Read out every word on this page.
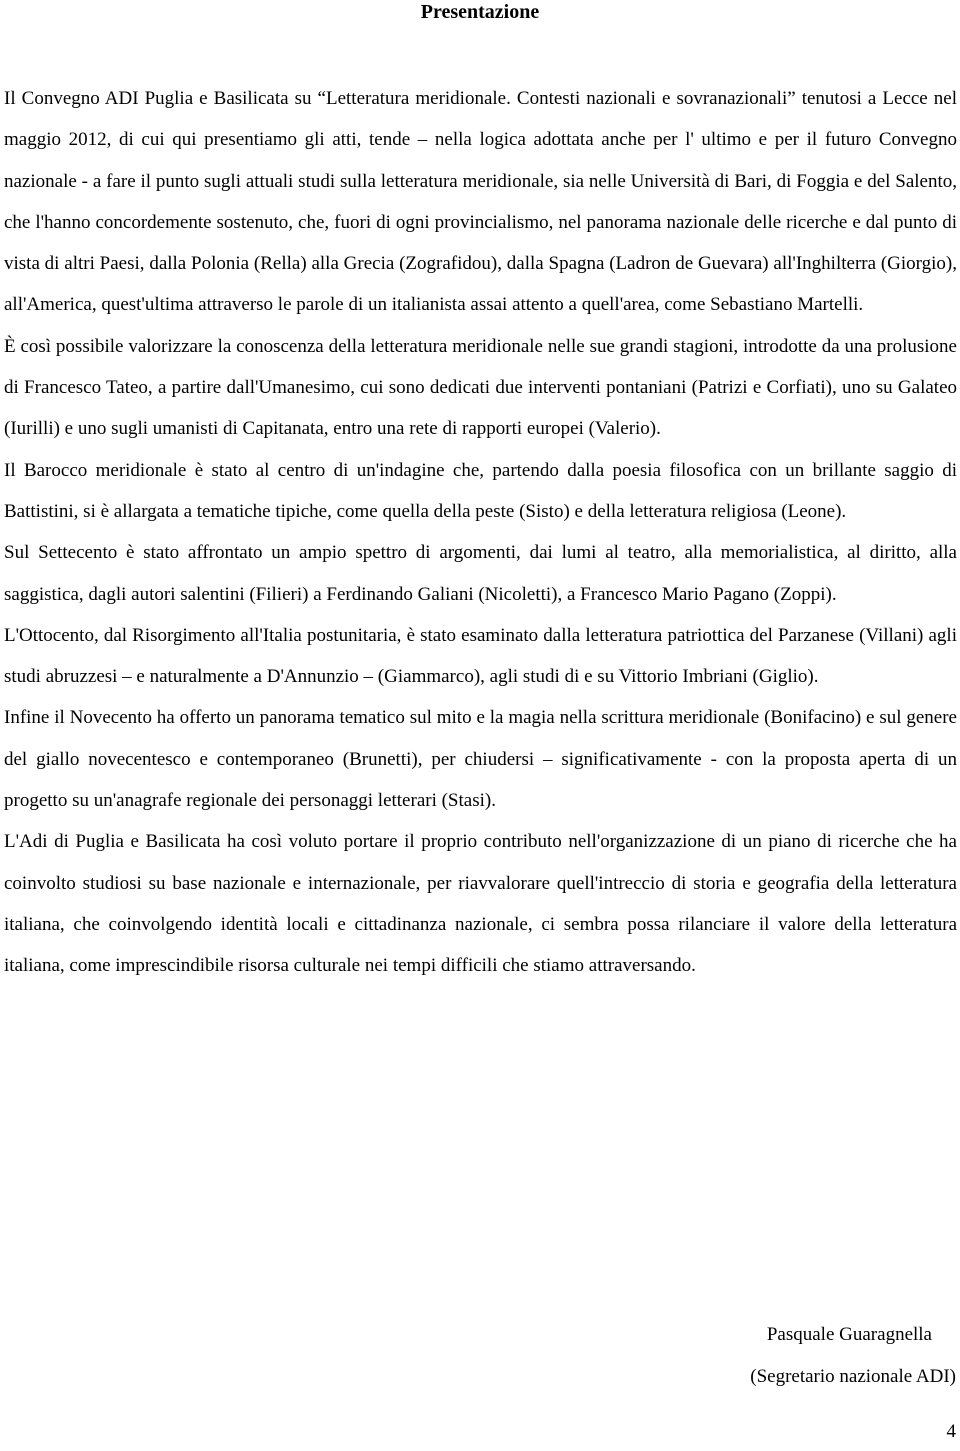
Presentazione

Il Convegno ADI Puglia e Basilicata su “Letteratura meridionale. Contesti nazionali e sovranazionali” tenutosi a Lecce nel maggio 2012, di cui qui presentiamo gli atti, tende – nella logica adottata anche per l' ultimo e per il futuro Convegno nazionale - a fare il punto sugli attuali studi sulla letteratura meridionale, sia nelle Università di Bari, di Foggia e del Salento, che l'hanno concordemente sostenuto, che, fuori di ogni provincialismo, nel panorama nazionale delle ricerche e dal punto di vista di altri Paesi, dalla Polonia (Rella) alla Grecia (Zografidou), dalla Spagna (Ladron de Guevara) all'Inghilterra (Giorgio), all'America, quest'ultima attraverso le parole di un italianista assai attento a quell'area, come Sebastiano Martelli.

È così possibile valorizzare la conoscenza della letteratura meridionale nelle sue grandi stagioni, introdotte da una prolusione di Francesco Tateo, a partire dall'Umanesimo, cui sono dedicati due interventi pontaniani (Patrizi e Corfiati), uno su Galateo (Iurilli) e uno sugli umanisti di Capitanata, entro una rete di rapporti europei (Valerio).

Il Barocco meridionale è stato al centro di un'indagine che, partendo dalla poesia filosofica con un brillante saggio di Battistini, si è allargata a tematiche tipiche, come quella della peste (Sisto) e della letteratura religiosa (Leone).

Sul Settecento è stato affrontato un ampio spettro di argomenti, dai lumi al teatro, alla memorialistica, al diritto, alla saggistica, dagli autori salentini (Filieri) a Ferdinando Galiani (Nicoletti), a Francesco Mario Pagano (Zoppi).

L'Ottocento, dal Risorgimento all'Italia postunitaria, è stato esaminato dalla letteratura patriottica del Parzanese (Villani) agli studi abruzzesi – e naturalmente a D'Annunzio – (Giammarco), agli studi di e su Vittorio Imbriani (Giglio).

Infine il Novecento ha offerto un panorama tematico sul mito e la magia nella scrittura meridionale (Bonifacino) e sul genere del giallo novecentesco e contemporaneo (Brunetti), per chiudersi – significativamente - con la proposta aperta di un progetto su un'anagrafe regionale dei personaggi letterari (Stasi).

L'Adi di Puglia e Basilicata ha così voluto portare il proprio contributo nell'organizzazione di un piano di ricerche che ha coinvolto studiosi su base nazionale e internazionale, per riavvalorare quell'intreccio di storia e geografia della letteratura italiana, che coinvolgendo identità locali e cittadinanza nazionale, ci sembra possa rilanciare il valore della letteratura italiana, come imprescindibile risorsa culturale nei tempi difficili che stiamo attraversando.

Pasquale Guaragnella
(Segretario nazionale ADI)
4
